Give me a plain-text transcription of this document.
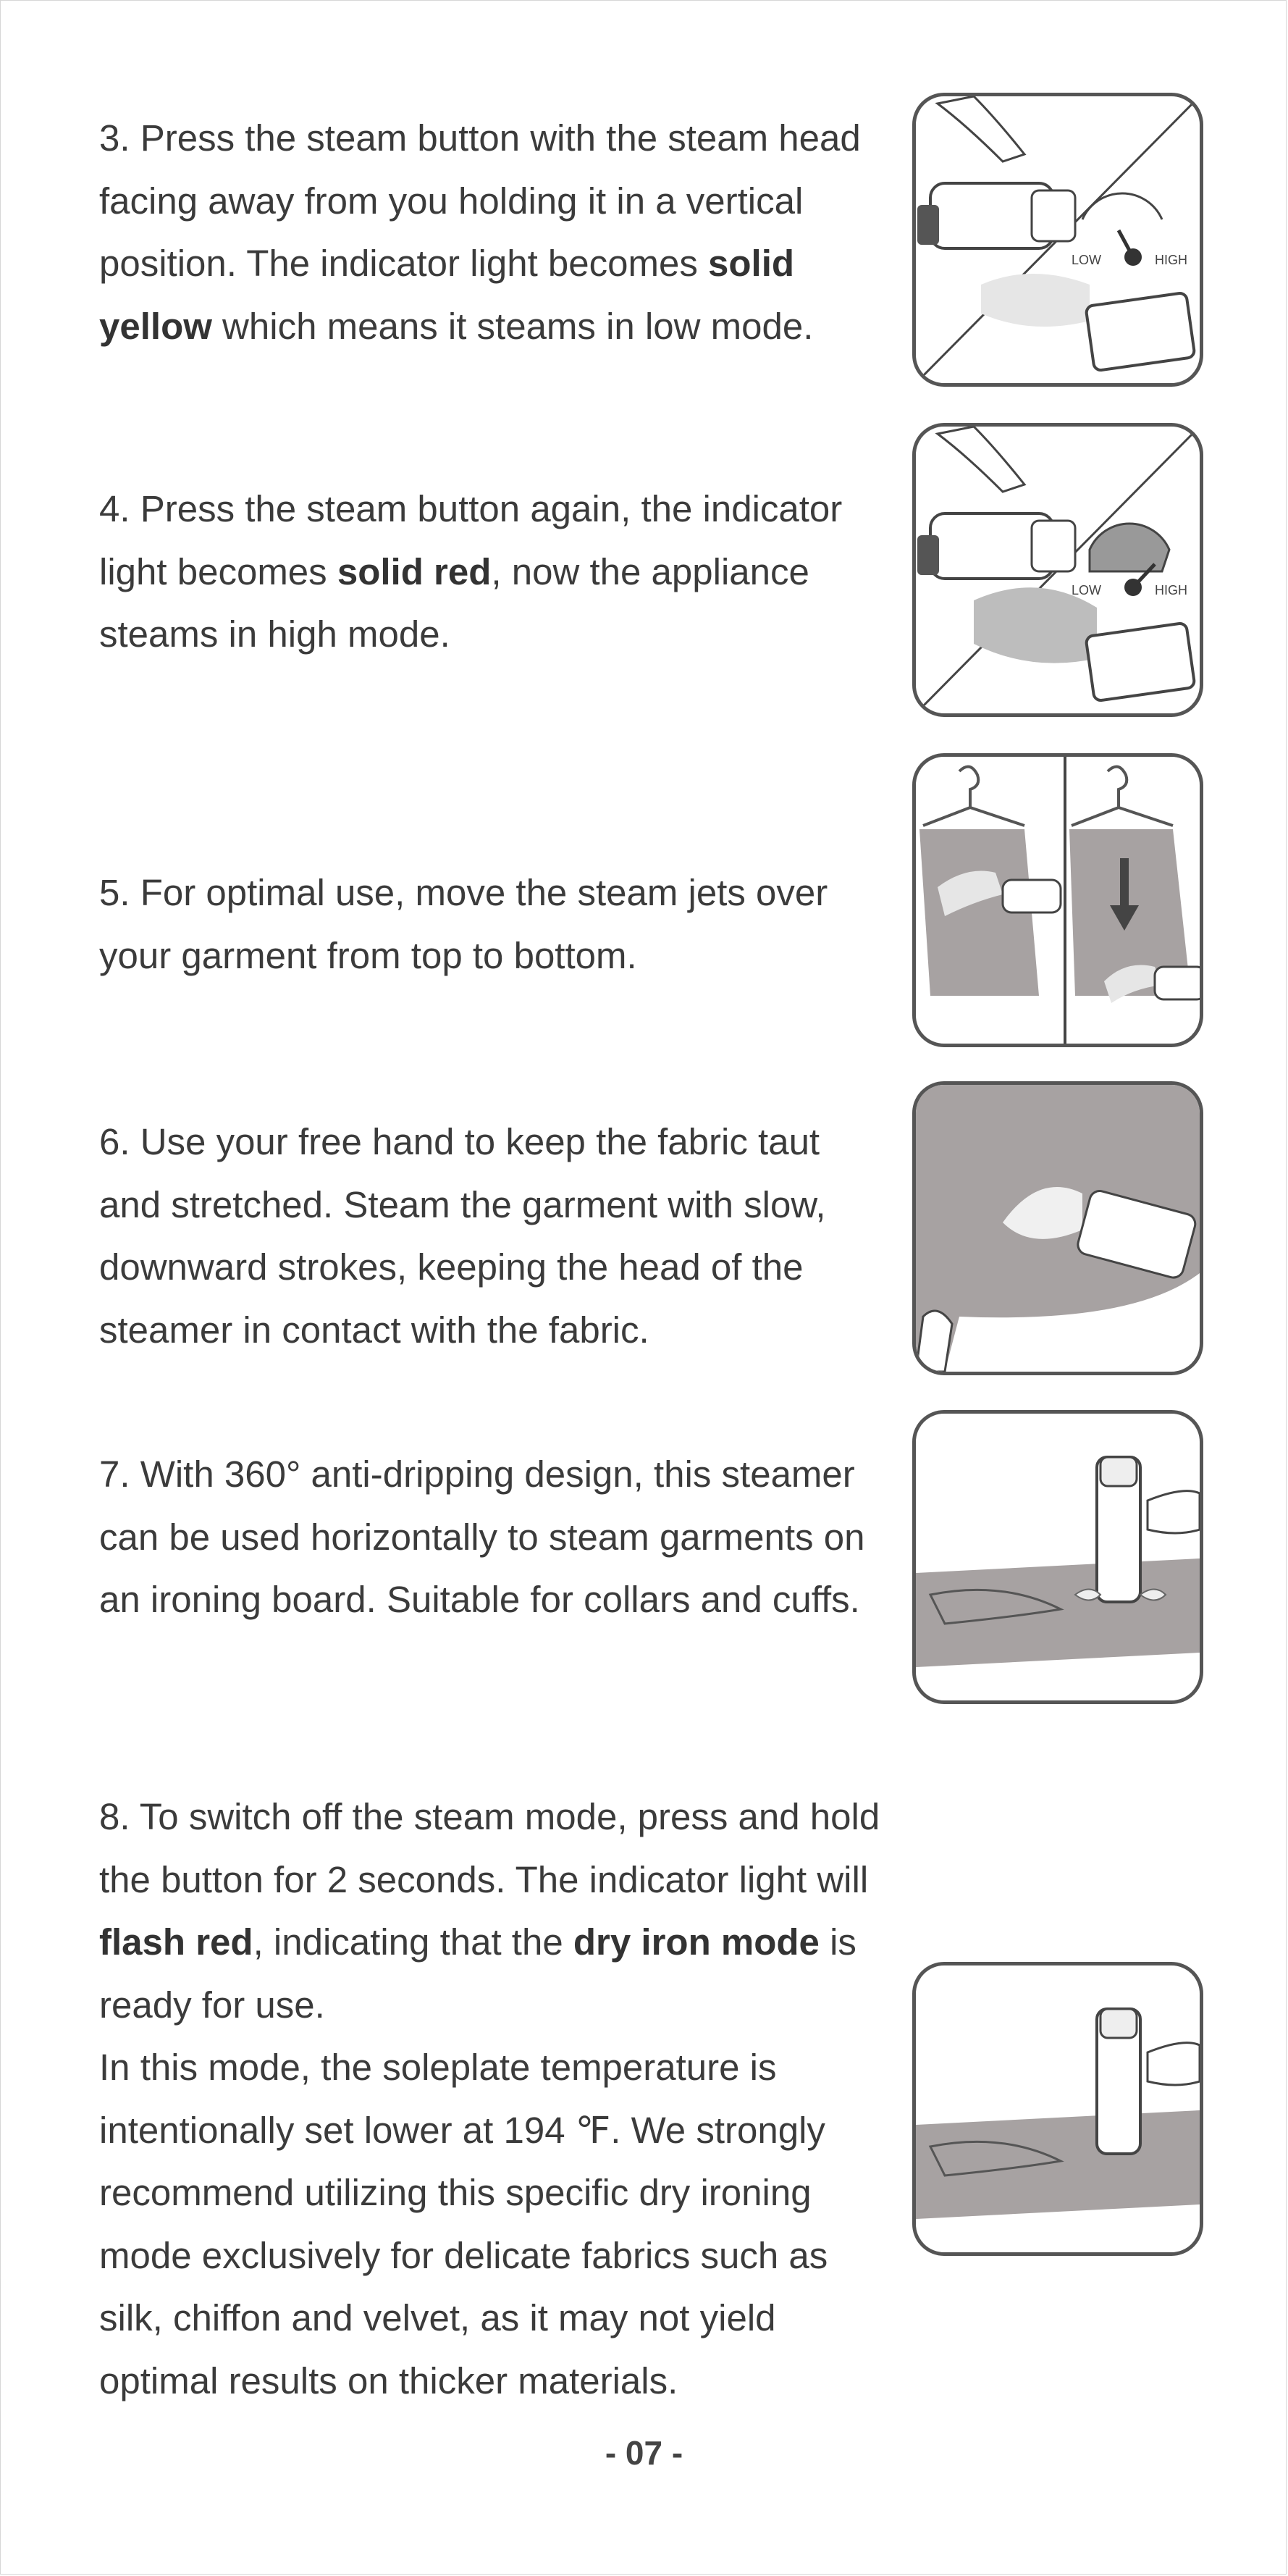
3. Press the steam button with the steam head facing away from you holding it in a vertical position. The indicator light becomes solid yellow which means it steams in low mode.
LOW	HIGH
4. Press the steam button again, the indicator light becomes solid red, now the appliance steams in high mode.
LOW	HIGH
5. For optimal use, move the steam jets over your garment from top to bottom.
6. Use your free hand to keep the fabric taut and stretched. Steam the garment with slow, downward strokes, keeping the head of the steamer in contact with the fabric.
7. With 360° anti-dripping design, this steamer can be used horizontally to steam garments on an ironing board. Suitable for collars and cuffs.
8. To switch off the steam mode, press and hold the button for 2 seconds. The indicator light will flash red, indicating that the dry iron mode is ready for use.
In this mode, the soleplate temperature is intentionally set lower at 194 ℉. We strongly recommend utilizing this specific dry ironing mode exclusively for delicate fabrics such as silk, chiffon and velvet, as it may not yield optimal results on thicker materials.
- 07 -
